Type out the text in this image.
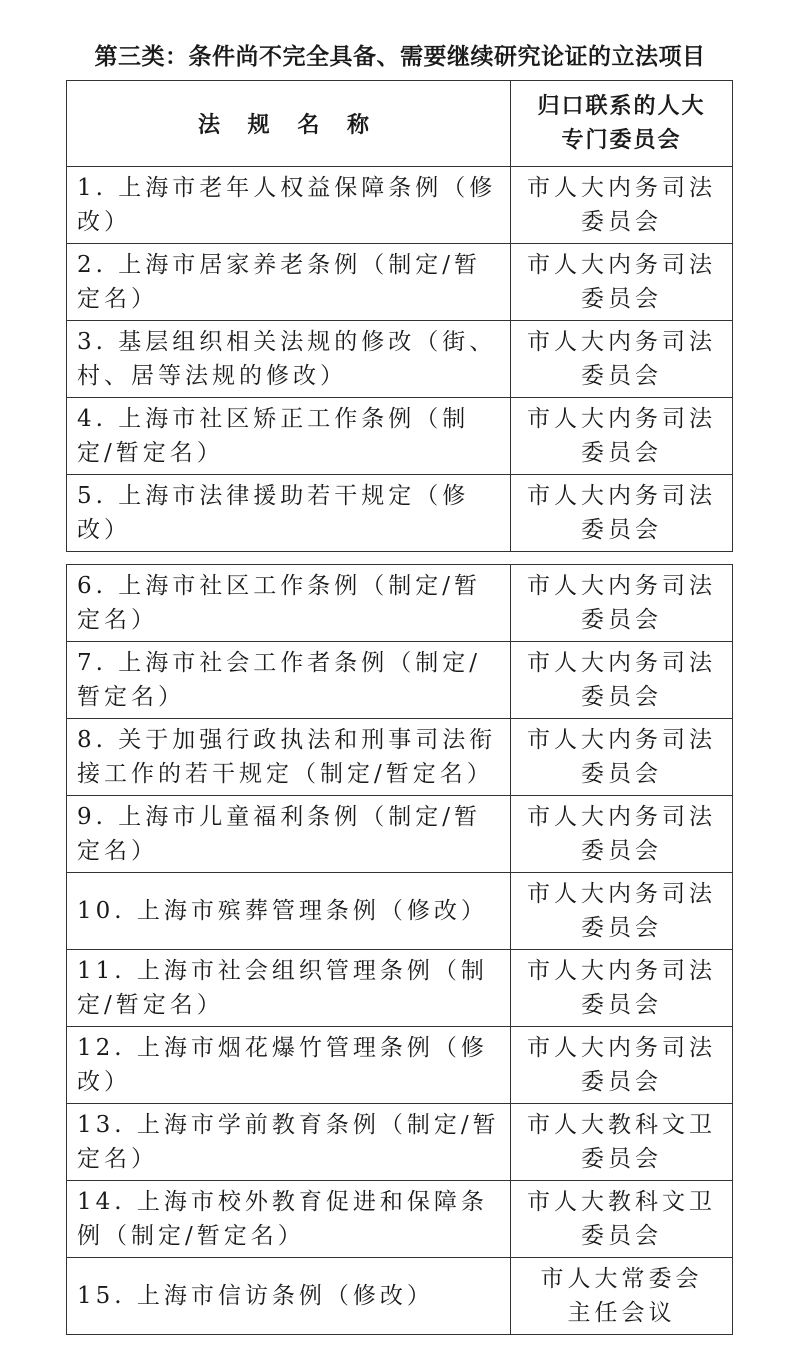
第三类：条件尚不完全具备、需要继续研究论证的立法项目
法 规 名 称	归口联系的人大
专门委员会

1. 上海市老年人权益保障条例（修改）	市人大内务司法
委员会

2. 上海市居家养老条例（制定/暂定名）	市人大内务司法
委员会

3. 基层组织相关法规的修改（街、村、居等法规的修改）	市人大内务司法
委员会

4. 上海市社区矫正工作条例（制定/暂定名）	市人大内务司法
委员会

5. 上海市法律援助若干规定（修改）	市人大内务司法
委员会
6. 上海市社区工作条例（制定/暂定名）	市人大内务司法
委员会

7. 上海市社会工作者条例（制定/暂定名）	市人大内务司法
委员会

8. 关于加强行政执法和刑事司法衔接工作的若干规定（制定/暂定名）	市人大内务司法
委员会

9. 上海市儿童福利条例（制定/暂定名）	市人大内务司法
委员会

10. 上海市殡葬管理条例（修改）	市人大内务司法
委员会

11. 上海市社会组织管理条例（制定/暂定名）	市人大内务司法
委员会

12. 上海市烟花爆竹管理条例（修改）	市人大内务司法
委员会

13. 上海市学前教育条例（制定/暂定名）	市人大教科文卫
委员会

14. 上海市校外教育促进和保障条例（制定/暂定名）	市人大教科文卫
委员会

15. 上海市信访条例（修改）	市人大常委会
主任会议
